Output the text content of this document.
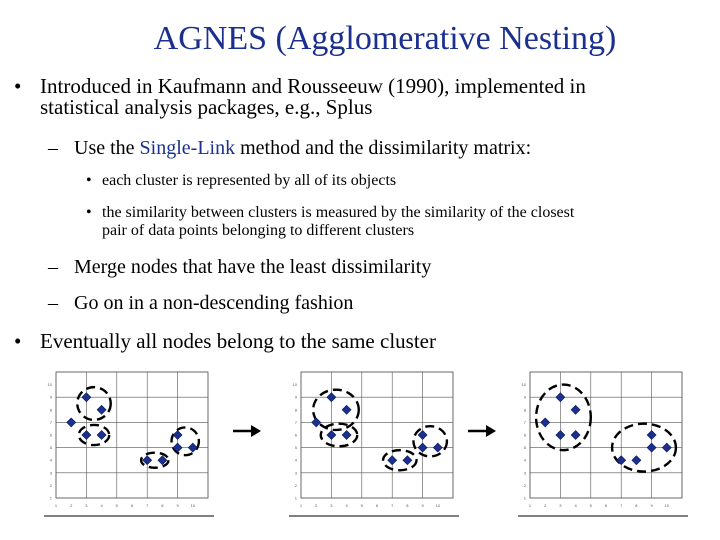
AGNES (Agglomerative Nesting)
• Introduced in Kaufmann and Rousseeuw (1990), implemented in
statistical analysis packages, e.g., Splus
– Use the Single-Link method and the dissimilarity matrix:
• each cluster is represented by all of its objects
• the similarity between clusters is measured by the similarity of the closest
pair of data points belonging to different clusters
– Merge nodes that have the least dissimilarity
– Go on in a non-descending fashion
• Eventually all nodes belong to the same cluster
1	2	3	4	5	6	7	8	9	10
1
2
3
4
5
6
7
8
9
10
1	2	3	4	5	6	7	8	9	10
1
2
3
4
5
6
7
8
9
10
1	2	3	4	5	6	7	8	9	10
1
2
3
4
5
6
7
8
9
10
